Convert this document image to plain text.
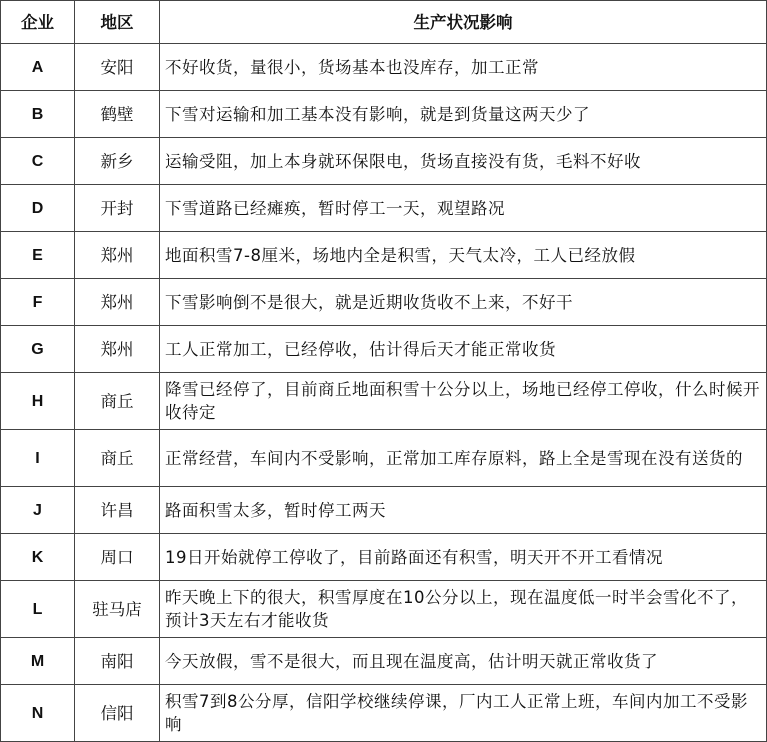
企业	地区	生产状况影响
A	安阳	不好收货，量很小，货场基本也没库存，加工正常
B	鹤壁	下雪对运输和加工基本没有影响，就是到货量这两天少了
C	新乡	运输受阻，加上本身就环保限电，货场直接没有货，毛料不好收
D	开封	下雪道路已经瘫痪，暂时停工一天，观望路况
E	郑州	地面积雪7-8厘米，场地内全是积雪，天气太冷，工人已经放假
F	郑州	下雪影响倒不是很大，就是近期收货收不上来，不好干
G	郑州	工人正常加工，已经停收，估计得后天才能正常收货
H	商丘	降雪已经停了，目前商丘地面积雪十公分以上，场地已经停工停收，什么时候开收待定
I	商丘	正常经营，车间内不受影响，正常加工库存原料，路上全是雪现在没有送货的
J	许昌	路面积雪太多，暂时停工两天
K	周口	19日开始就停工停收了，目前路面还有积雪，明天开不开工看情况
L	驻马店	昨天晚上下的很大，积雪厚度在10公分以上，现在温度低一时半会雪化不了，预计3天左右才能收货
M	南阳	今天放假，雪不是很大，而且现在温度高，估计明天就正常收货了
N	信阳	积雪7到8公分厚，信阳学校继续停课，厂内工人正常上班，车间内加工不受影响
